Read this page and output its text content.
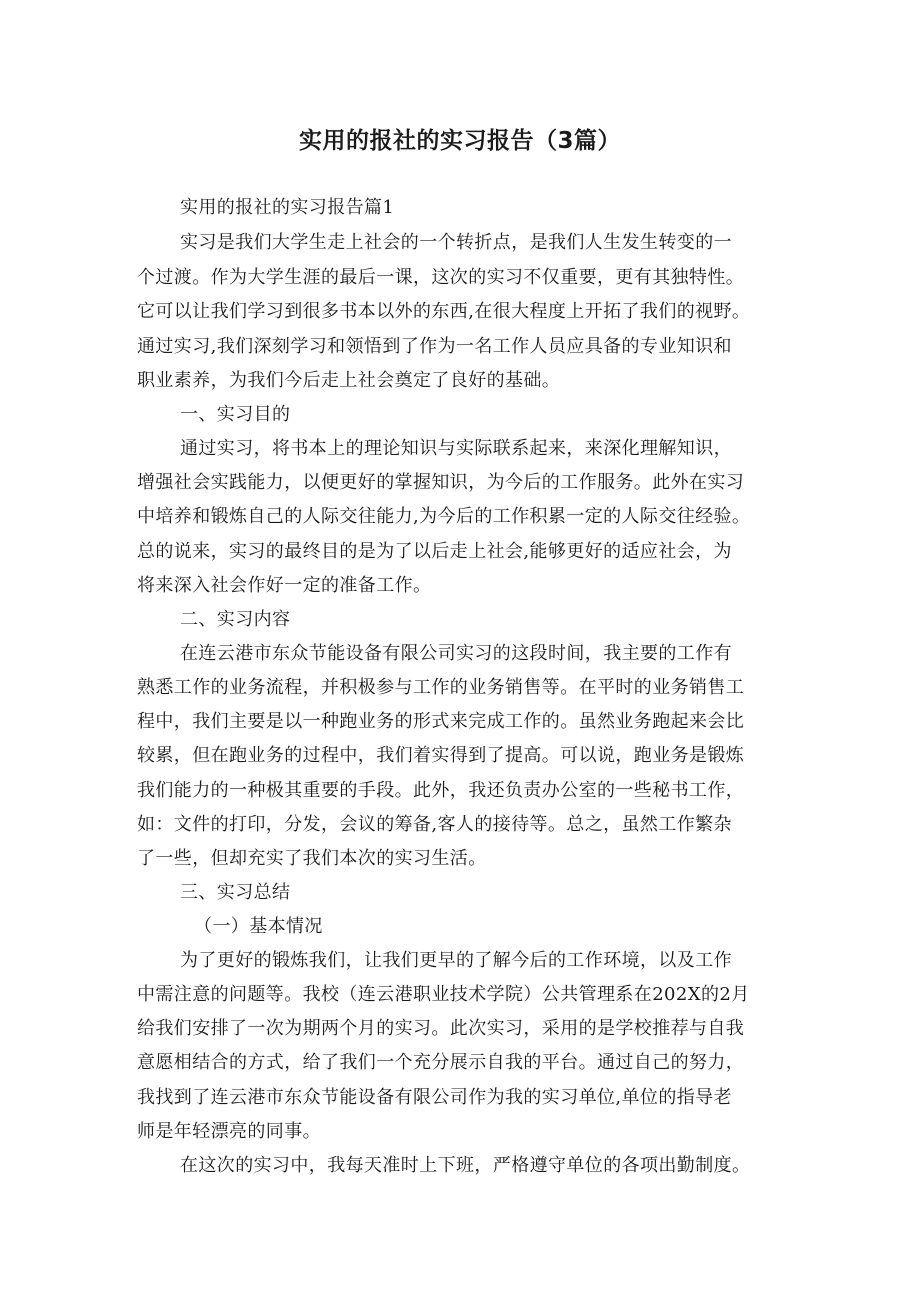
实用的报社的实习报告（3篇）
实用的报社的实习报告篇1
实习是我们大学生走上社会的一个转折点，是我们人生发生转变的一
个过渡。作为大学生涯的最后一课，这次的实习不仅重要，更有其独特性。
它可以让我们学习到很多书本以外的东西,在很大程度上开拓了我们的视野。
通过实习,我们深刻学习和领悟到了作为一名工作人员应具备的专业知识和
职业素养，为我们今后走上社会奠定了良好的基础。
一、实习目的
通过实习，将书本上的理论知识与实际联系起来，来深化理解知识，
增强社会实践能力，以便更好的掌握知识，为今后的工作服务。此外在实习
中培养和锻炼自己的人际交往能力,为今后的工作积累一定的人际交往经验。
总的说来，实习的最终目的是为了以后走上社会,能够更好的适应社会，为
将来深入社会作好一定的准备工作。
二、实习内容
在连云港市东众节能设备有限公司实习的这段时间，我主要的工作有
熟悉工作的业务流程，并积极参与工作的业务销售等。在平时的业务销售工
程中，我们主要是以一种跑业务的形式来完成工作的。虽然业务跑起来会比
较累，但在跑业务的过程中，我们着实得到了提高。可以说，跑业务是锻炼
我们能力的一种极其重要的手段。此外，我还负责办公室的一些秘书工作，
如：文件的打印，分发，会议的筹备,客人的接待等。总之，虽然工作繁杂
了一些，但却充实了我们本次的实习生活。
三、实习总结
（一）基本情况
为了更好的锻炼我们，让我们更早的了解今后的工作环境，以及工作
中需注意的问题等。我校（连云港职业技术学院）公共管理系在202X的2月
给我们安排了一次为期两个月的实习。此次实习，采用的是学校推荐与自我
意愿相结合的方式，给了我们一个充分展示自我的平台。通过自己的努力，
我找到了连云港市东众节能设备有限公司作为我的实习单位,单位的指导老
师是年轻漂亮的同事。
在这次的实习中，我每天准时上下班，严格遵守单位的各项出勤制度。
